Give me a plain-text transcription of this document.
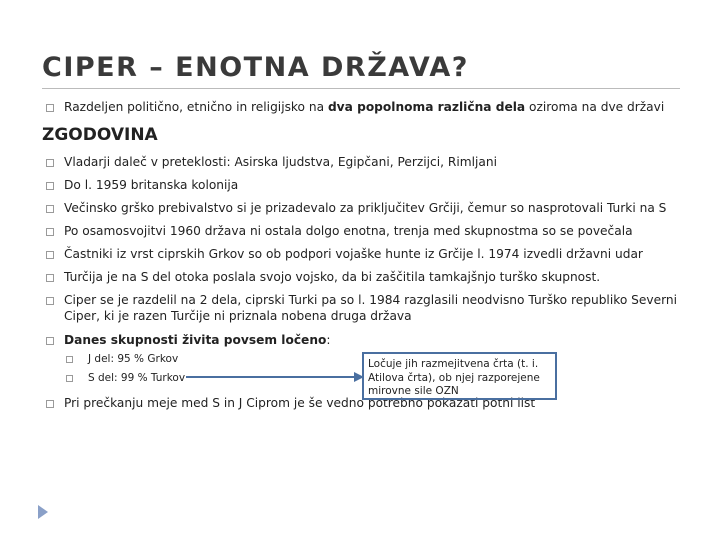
CIPER – ENOTNA DRŽAVA?
Razdeljen politično, etnično in religijsko na dva popolnoma različna dela oziroma na dve državi
ZGODOVINA
Vladarji daleč v preteklosti: Asirska ljudstva, Egipčani, Perzijci, Rimljani
Do l. 1959 britanska kolonija
Večinsko grško prebivalstvo si je prizadevalo za priključitev Grčiji, čemur so nasprotovali Turki na S
Po osamosvojitvi 1960 država ni ostala dolgo enotna, trenja med skupnostma so se povečala
Častniki iz vrst ciprskih Grkov so ob podpori vojaške hunte iz Grčije l. 1974 izvedli državni udar
Turčija je na S del otoka poslala svojo vojsko, da bi zaščitila tamkajšnjo turško skupnost.
Ciper se je razdelil na 2 dela, ciprski Turki pa so l. 1984 razglasili neodvisno Turško republiko Severni
Ciper, ki je razen Turčije ni priznala nobena druga država
Danes skupnosti živita povsem ločeno:
J del: 95 % Grkov
S del: 99 % Turkov
Pri prečkanju meje med S in J Ciprom je še vedno potrebno pokazati potni list
Ločuje jih razmejitvena črta (t. i. Atilova črta), ob njej razporejene mirovne sile OZN
